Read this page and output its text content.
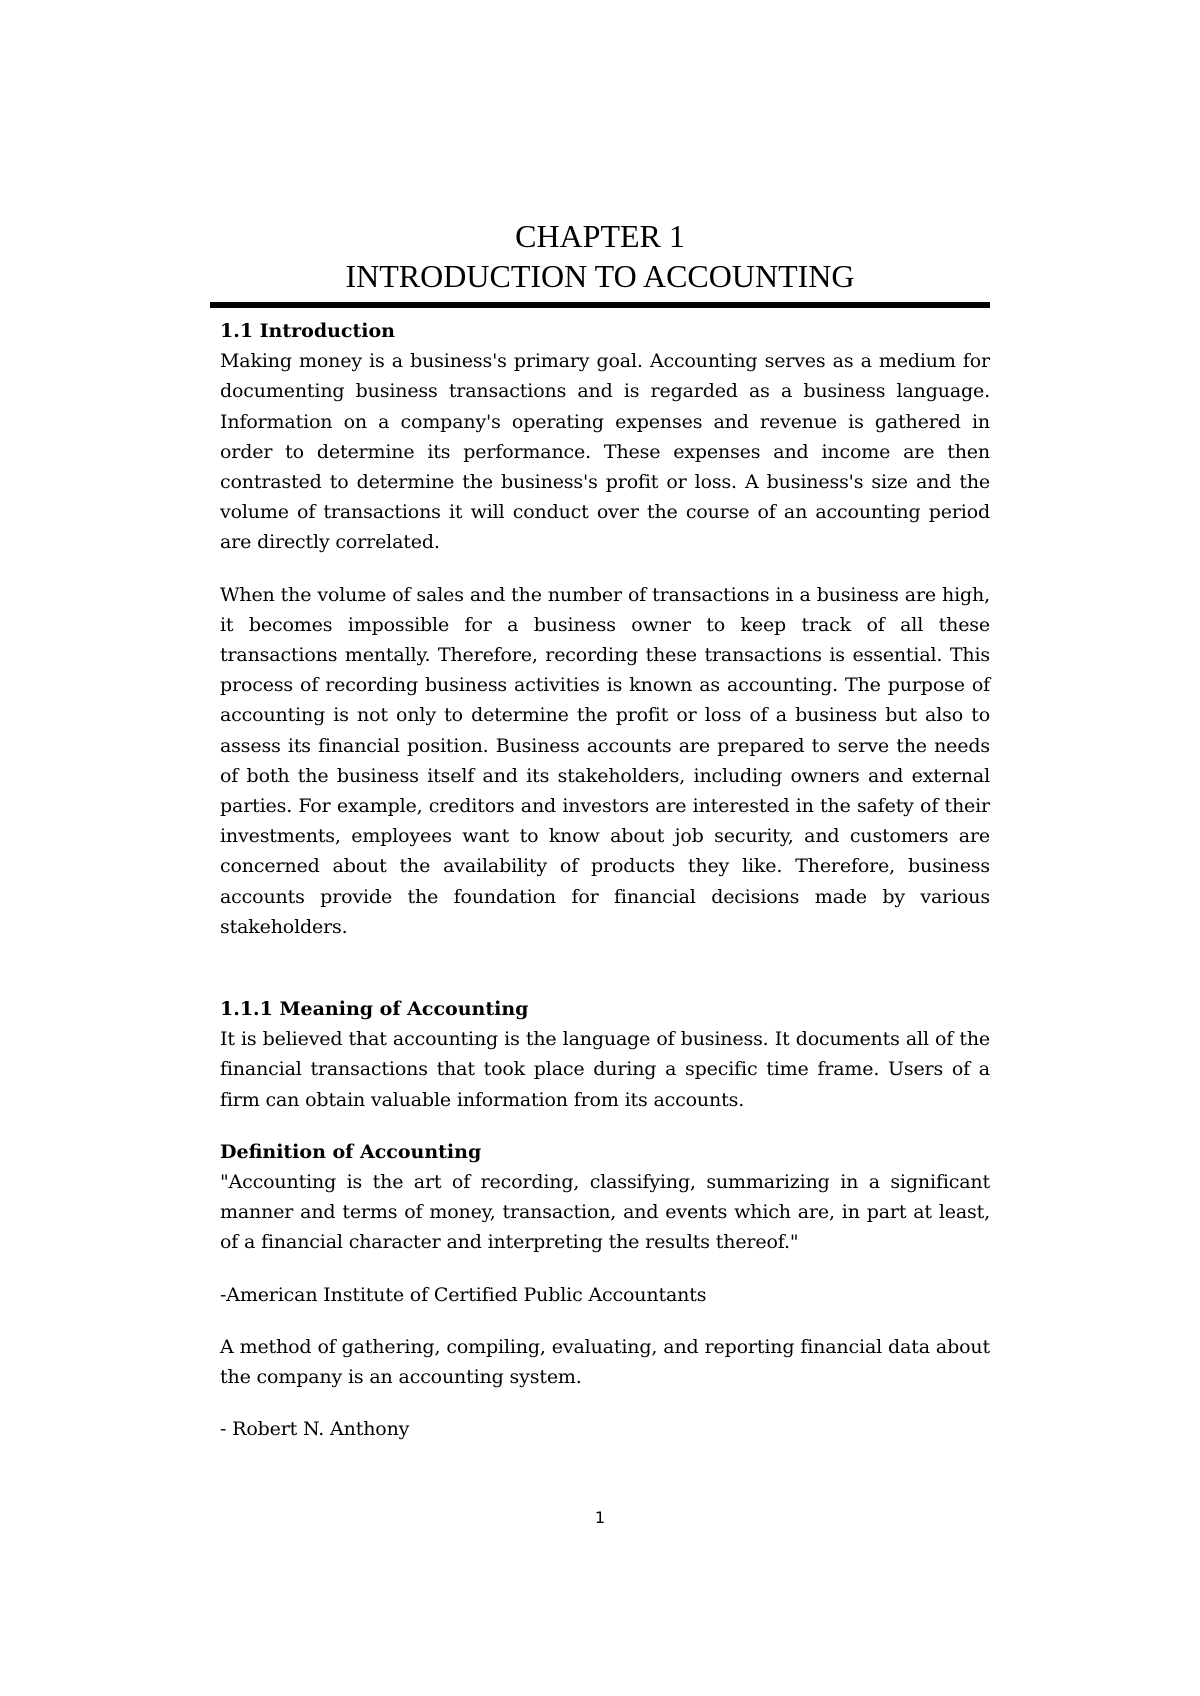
CHAPTER 1
INTRODUCTION TO ACCOUNTING
1.1 Introduction

Making money is a business's primary goal. Accounting serves as a medium for documenting business transactions and is regarded as a business language. Information on a company's operating expenses and revenue is gathered in order to determine its performance. These expenses and income are then contrasted to determine the business's profit or loss. A business's size and the volume of transactions it will conduct over the course of an accounting period are directly correlated.

When the volume of sales and the number of transactions in a business are high, it becomes impossible for a business owner to keep track of all these transactions mentally. Therefore, recording these transactions is essential. This process of recording business activities is known as accounting. The purpose of accounting is not only to determine the profit or loss of a business but also to assess its financial position. Business accounts are prepared to serve the needs of both the business itself and its stakeholders, including owners and external parties. For example, creditors and investors are interested in the safety of their investments, employees want to know about job security, and customers are concerned about the availability of products they like. Therefore, business accounts provide the foundation for financial decisions made by various stakeholders.

1.1.1 Meaning of Accounting

It is believed that accounting is the language of business. It documents all of the financial transactions that took place during a specific time frame. Users of a firm can obtain valuable information from its accounts.

Definition of Accounting

"Accounting is the art of recording, classifying, summarizing in a significant manner and terms of money, transaction, and events which are, in part at least, of a financial character and interpreting the results thereof."

-American Institute of Certified Public Accountants

A method of gathering, compiling, evaluating, and reporting financial data about the company is an accounting system.

- Robert N. Anthony

1
